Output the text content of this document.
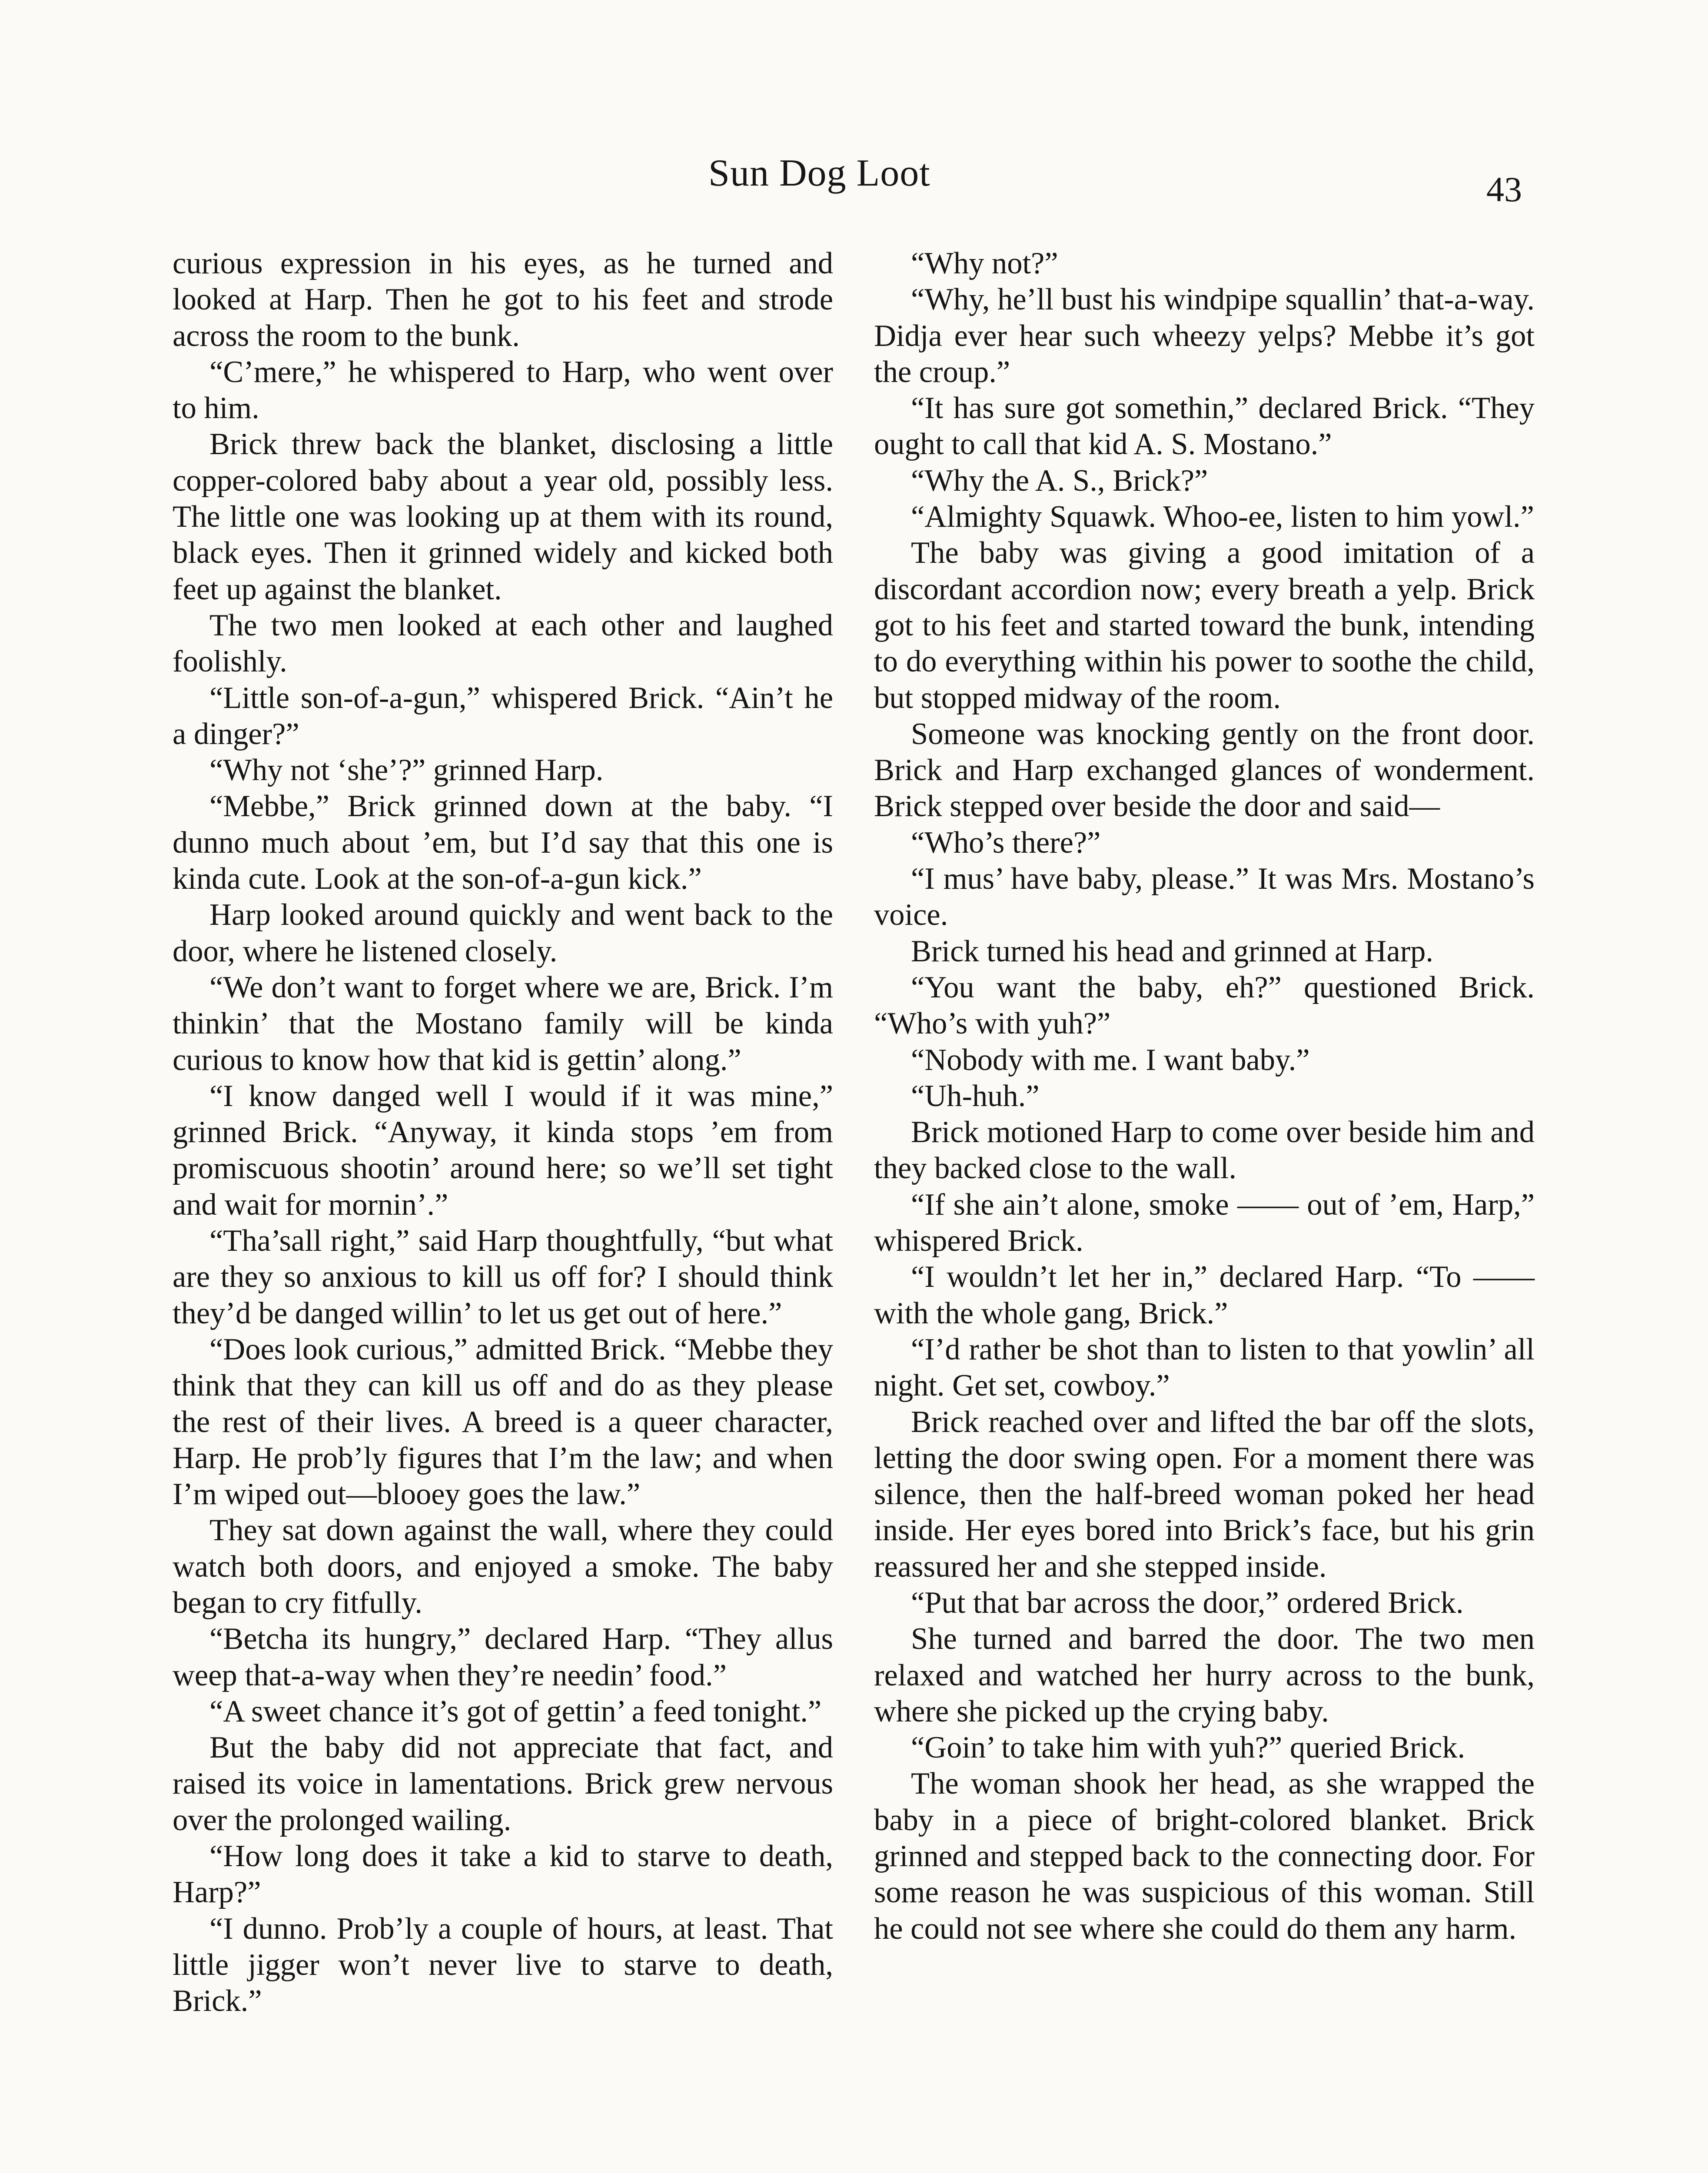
Sun Dog Loot	43

curious expression in his eyes, as he turned and looked at Harp. Then he got to his feet and strode across the room to the bunk.

“C’mere,” he whispered to Harp, who went over to him.

Brick threw back the blanket, disclosing a little copper-colored baby about a year old, possibly less. The little one was looking up at them with its round, black eyes. Then it grinned widely and kicked both feet up against the blanket.

The two men looked at each other and laughed foolishly.

“Little son-of-a-gun,” whispered Brick. “Ain’t he a dinger?”

“Why not ‘she’?” grinned Harp.

“Mebbe,” Brick grinned down at the baby. “I dunno much about ’em, but I’d say that this one is kinda cute. Look at the son-of-a-gun kick.”

Harp looked around quickly and went back to the door, where he listened closely.

“We don’t want to forget where we are, Brick. I’m thinkin’ that the Mostano family will be kinda curious to know how that kid is gettin’ along.”

“I know danged well I would if it was mine,” grinned Brick. “Anyway, it kinda stops ’em from promiscuous shootin’ around here; so we’ll set tight and wait for mornin’.”

“Tha’sall right,” said Harp thoughtfully, “but what are they so anxious to kill us off for? I should think they’d be danged willin’ to let us get out of here.”

“Does look curious,” admitted Brick. “Mebbe they think that they can kill us off and do as they please the rest of their lives. A breed is a queer character, Harp. He prob’ly figures that I’m the law; and when I’m wiped out—blooey goes the law.”

They sat down against the wall, where they could watch both doors, and enjoyed a smoke. The baby began to cry fitfully.

“Betcha its hungry,” declared Harp. “They allus weep that-a-way when they’re needin’ food.”

“A sweet chance it’s got of gettin’ a feed tonight.”

But the baby did not appreciate that fact, and raised its voice in lamentations. Brick grew nervous over the prolonged wailing.

“How long does it take a kid to starve to death, Harp?”

“I dunno. Prob’ly a couple of hours, at least. That little jigger won’t never live to starve to death, Brick.”

“Why not?”

“Why, he’ll bust his windpipe squallin’ that-a-way. Didja ever hear such wheezy yelps? Mebbe it’s got the croup.”

“It has sure got somethin,” declared Brick. “They ought to call that kid A. S. Mostano.”

“Why the A. S., Brick?”

“Almighty Squawk. Whoo-ee, listen to him yowl.”

The baby was giving a good imitation of a discordant accordion now; every breath a yelp. Brick got to his feet and started toward the bunk, intending to do everything within his power to soothe the child, but stopped midway of the room.

Someone was knocking gently on the front door. Brick and Harp exchanged glances of wonderment. Brick stepped over beside the door and said—

“Who’s there?”

“I mus’ have baby, please.” It was Mrs. Mostano’s voice.

Brick turned his head and grinned at Harp.

“You want the baby, eh?” questioned Brick. “Who’s with yuh?”

“Nobody with me. I want baby.”

“Uh-huh.”

Brick motioned Harp to come over beside him and they backed close to the wall.

“If she ain’t alone, smoke —— out of ’em, Harp,” whispered Brick.

“I wouldn’t let her in,” declared Harp. “To —— with the whole gang, Brick.”

“I’d rather be shot than to listen to that yowlin’ all night. Get set, cowboy.”

Brick reached over and lifted the bar off the slots, letting the door swing open. For a moment there was silence, then the half-breed woman poked her head inside. Her eyes bored into Brick’s face, but his grin reassured her and she stepped inside.

“Put that bar across the door,” ordered Brick.

She turned and barred the door. The two men relaxed and watched her hurry across to the bunk, where she picked up the crying baby.

“Goin’ to take him with yuh?” queried Brick.

The woman shook her head, as she wrapped the baby in a piece of bright-colored blanket. Brick grinned and stepped back to the connecting door. For some reason he was suspicious of this woman. Still he could not see where she could do them any harm.
